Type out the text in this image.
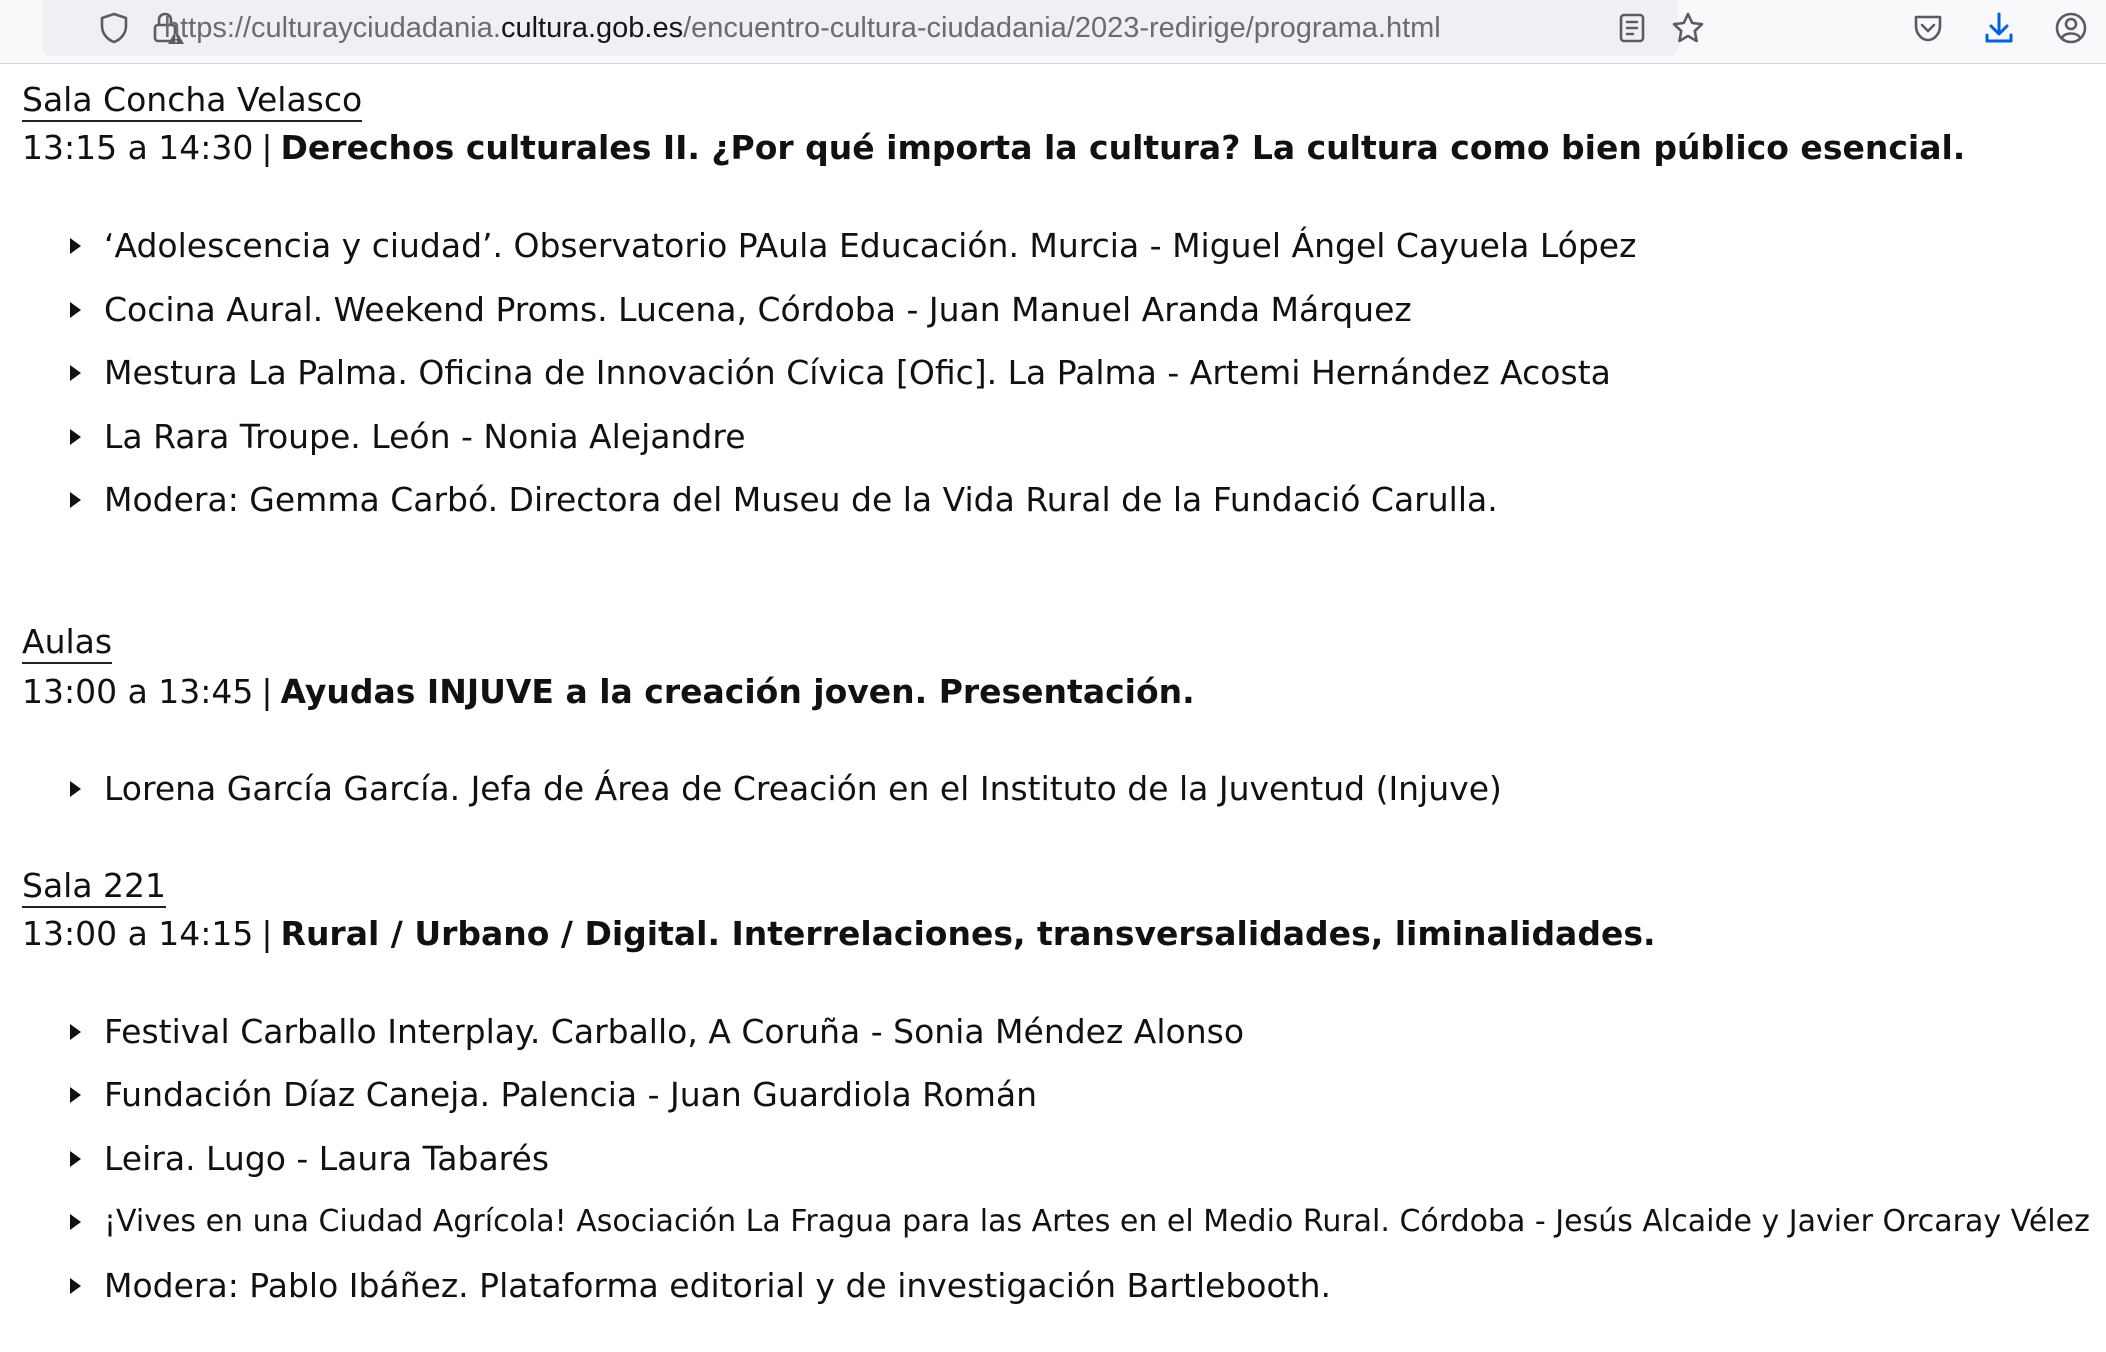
https://culturayciudadania.cultura.gob.es/encuentro-cultura-ciudadania/2023-redirige/programa.html
Sala Concha Velasco
13:15 a 14:30 | Derechos culturales II. ¿Por qué importa la cultura? La cultura como bien público esencial.
‘Adolescencia y ciudad’. Observatorio PAula Educación. Murcia - Miguel Ángel Cayuela López
Cocina Aural. Weekend Proms. Lucena, Córdoba - Juan Manuel Aranda Márquez
Mestura La Palma. Oficina de Innovación Cívica [Ofic]. La Palma - Artemi Hernández Acosta
La Rara Troupe. León - Nonia Alejandre
Modera: Gemma Carbó. Directora del Museu de la Vida Rural de la Fundació Carulla.
Aulas
13:00 a 13:45 | Ayudas INJUVE a la creación joven. Presentación.
Lorena García García. Jefa de Área de Creación en el Instituto de la Juventud (Injuve)
Sala 221
13:00 a 14:15 | Rural / Urbano / Digital. Interrelaciones, transversalidades, liminalidades.
Festival Carballo Interplay. Carballo, A Coruña - Sonia Méndez Alonso
Fundación Díaz Caneja. Palencia - Juan Guardiola Román
Leira. Lugo - Laura Tabarés
¡Vives en una Ciudad Agrícola! Asociación La Fragua para las Artes en el Medio Rural. Córdoba - Jesús Alcaide y Javier Orcaray Vélez
Modera: Pablo Ibáñez. Plataforma editorial y de investigación Bartlebooth.
